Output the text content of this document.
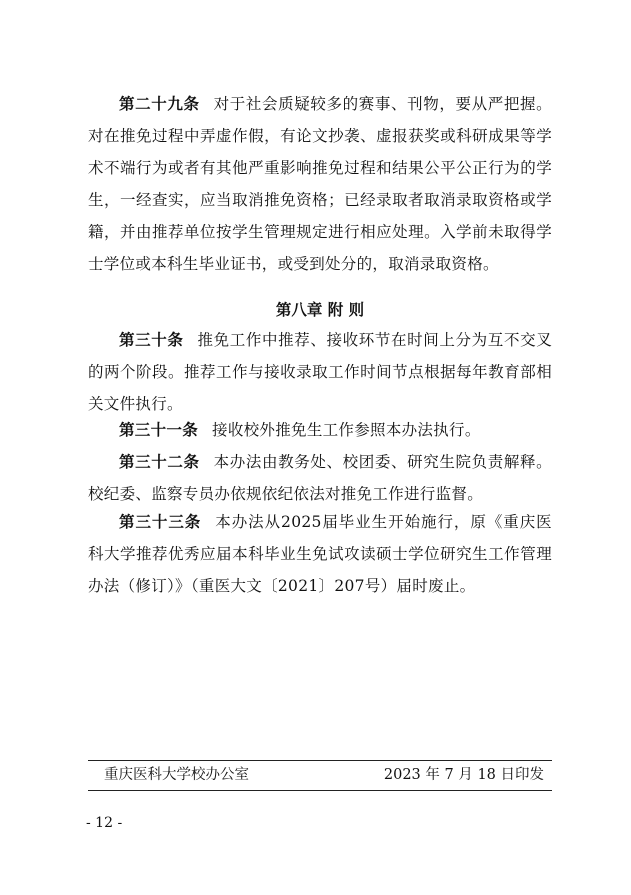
第二十九条 对于社会质疑较多的赛事、刊物，要从严把握。对在推免过程中弄虚作假，有论文抄袭、虚报获奖或科研成果等学术不端行为或者有其他严重影响推免过程和结果公平公正行为的学生，一经查实，应当取消推免资格；已经录取者取消录取资格或学籍，并由推荐单位按学生管理规定进行相应处理。入学前未取得学士学位或本科生毕业证书，或受到处分的，取消录取资格。

第八章 附 则

第三十条 推免工作中推荐、接收环节在时间上分为互不交叉的两个阶段。推荐工作与接收录取工作时间节点根据每年教育部相关文件执行。

第三十一条 接收校外推免生工作参照本办法执行。

第三十二条 本办法由教务处、校团委、研究生院负责解释。校纪委、监察专员办依规依纪依法对推免工作进行监督。

第三十三条 本办法从2025届毕业生开始施行，原《重庆医科大学推荐优秀应届本科毕业生免试攻读硕士学位研究生工作管理办法（修订）》（重医大文〔2021〕207号）届时废止。

重庆医科大学校办公室	2023 年 7 月 18 日印发
- 12 -
